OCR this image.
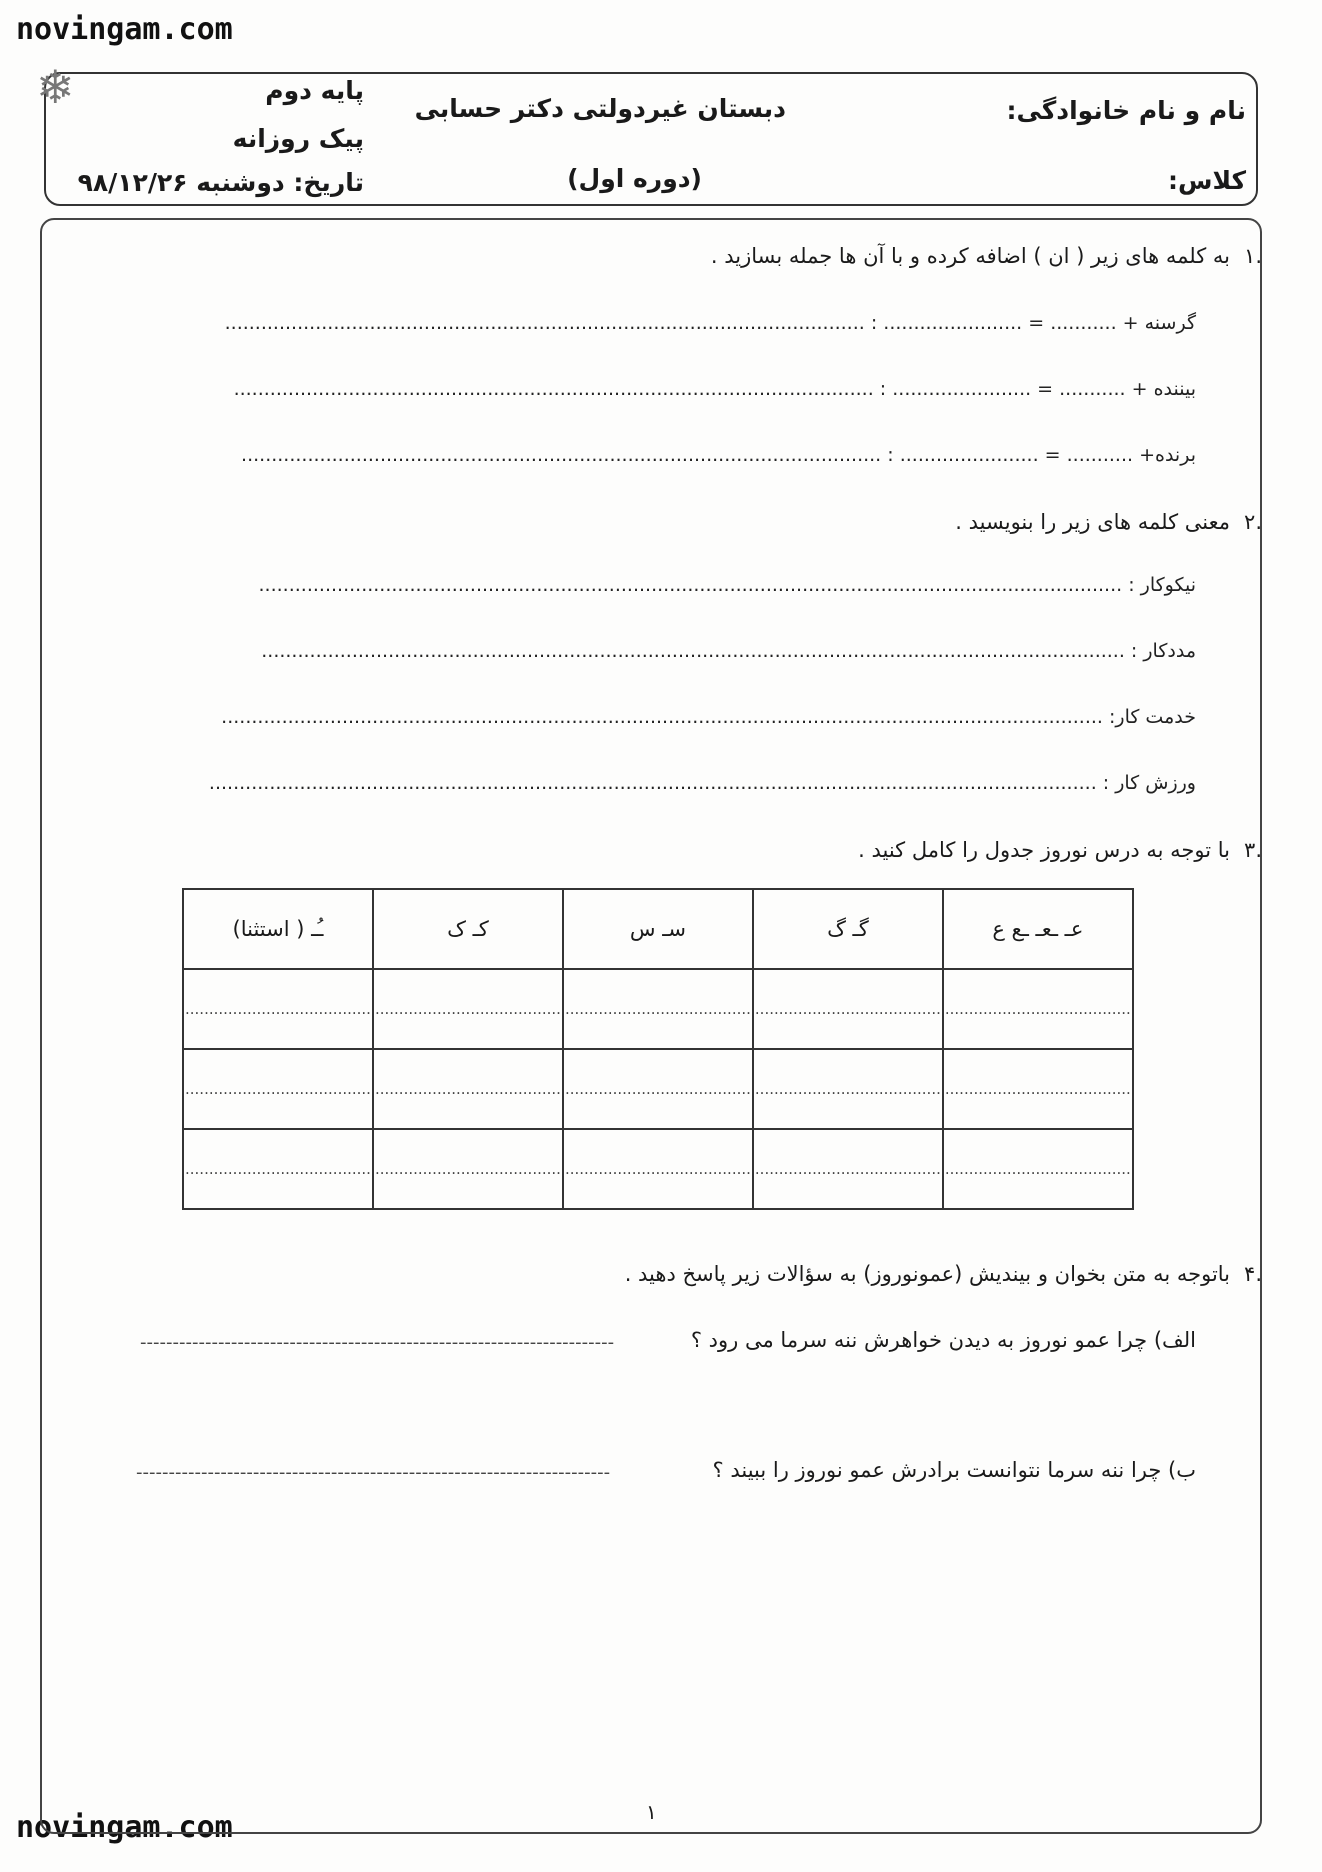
novingam.com
novingam.com
❄	پایه دوم
پیک روزانه
تاریخ: دوشنبه ۹۸/۱۲/۲۶
دبستان غیردولتی دکتر حسابی
(دوره اول)
نام و نام خانوادگی:
کلاس:
.۱به کلمه های زیر ( ان ) اضافه کرده و با آن ها جمله بسازید .
گرسنه + ........... = ....................... : ..........................................................................................................
بیننده + ........... = ....................... : ..........................................................................................................
برنده+ ........... = ....................... : ..........................................................................................................
.۲معنی کلمه های زیر را بنویسید .
نیکوکار : ...............................................................................................................................................
مددکار : ...............................................................................................................................................
خدمت کار: ..................................................................................................................................................
ورزش کار : ...................................................................................................................................................
.۳با توجه به درس نوروز جدول را کامل کنید .
عـ ـعـ ـع ع	گـ گ	سـ س	کـ ک	ـُـ ( استثنا)
.......................................	.......................................	.......................................	.......................................	.......................................
.......................................	.......................................	.......................................	.......................................	.......................................
.......................................	.......................................	.......................................	.......................................	.......................................
.۴باتوجه به متن بخوان و بیندیش (عمونوروز) به سؤالات زیر پاسخ دهید .
الف) چرا عمو نوروز به دیدن خواهرش ننه سرما می رود ؟
-------------------------------------------------------------------------
ب) چرا ننه سرما نتوانست برادرش عمو نوروز را ببیند ؟
-------------------------------------------------------------------------
۱
